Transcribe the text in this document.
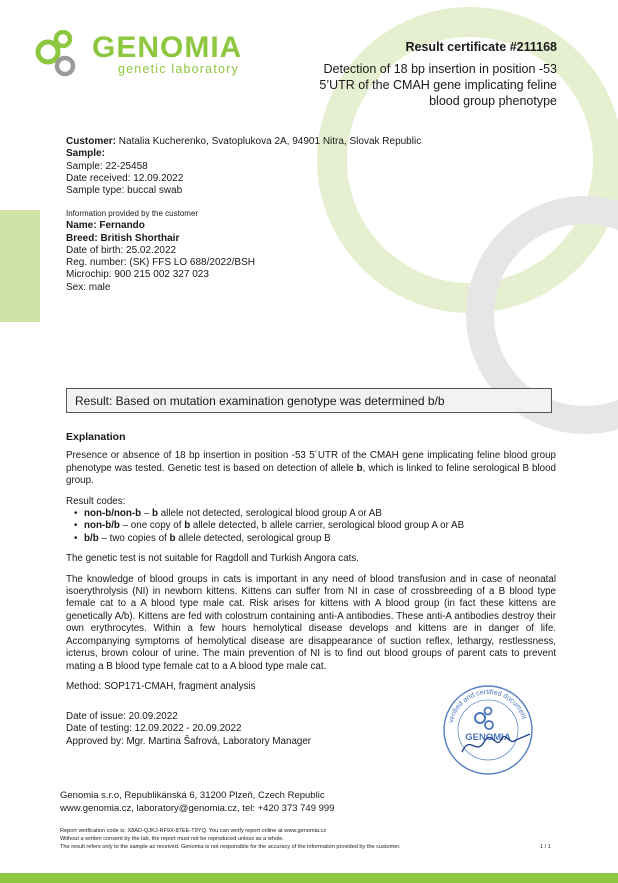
GENOMIA
genetic laboratory
Result certificate #211168
Detection of 18 bp insertion in position -53
5’UTR of the CMAH gene implicating feline
blood group phenotype
Customer: Natalia Kucherenko, Svatoplukova 2A, 94901 Nitra, Slovak Republic
Sample:
Sample: 22-25458
Date received: 12.09.2022
Sample type: buccal swab
Information provided by the customer
Name: Fernando
Breed: British Shorthair
Date of birth: 25.02.2022
Reg. number: (SK) FFS LO 688/2022/BSH
Microchip: 900 215 002 327 023
Sex: male
Result: Based on mutation examination genotype was determined b/b
Explanation
Presence or absence of 18 bp insertion in position -53 5´UTR of the CMAH gene implicating feline blood group phenotype was tested. Genetic test is based on detection of allele b, which is linked to feline serological B blood group.
Result codes:
• non-b/non-b – b allele not detected, serological blood group A or AB
• non-b/b – one copy of b allele detected, b allele carrier, serological blood group A or AB
• b/b – two copies of b allele detected, serological group B
The genetic test is not suitable for Ragdoll and Turkish Angora cats.
The knowledge of blood groups in cats is important in any need of blood transfusion and in case of neonatal isoerythrolysis (NI) in newborn kittens. Kittens can suffer from NI in case of crossbreeding of a B blood type female cat to a A blood type male cat. Risk arises for kittens with A blood group (in fact these kittens are genetically A/b). Kittens are fed with colostrum containing anti-A antibodies. These anti-A antibodies destroy their own erythrocytes. Within a few hours hemolytical disease develops and kittens are in danger of life. Accompanying symptoms of hemolytical disease are disappearance of suction reflex, lethargy, restlessness, icterus, brown colour of urine. The main prevention of NI is to find out blood groups of parent cats to prevent mating a B blood type female cat to a A blood type male cat.
Method: SOP171-CMAH, fragment analysis
Date of issue: 20.09.2022
Date of testing: 12.09.2022 - 20.09.2022
Approved by: Mgr. Martina Šafrová, Laboratory Manager
verified and certified document
GENOMIA
Genomia s.r.o, Republikánská 6, 31200 Plzeň, Czech Republic
www.genomia.cz, laboratory@genomia.cz, tel: +420 373 749 999
Report verification code is: X8AD-QJKJ-RF9X-87EE-T9YQ. You can verify report online at www.genomia.cz
Without a written consent by the lab, the report must not be reproduced unless as a whole.
The result refers only to the sample as received. Genomia is not responsible for the accuracy of the information provided by the customer.	1 / 1
